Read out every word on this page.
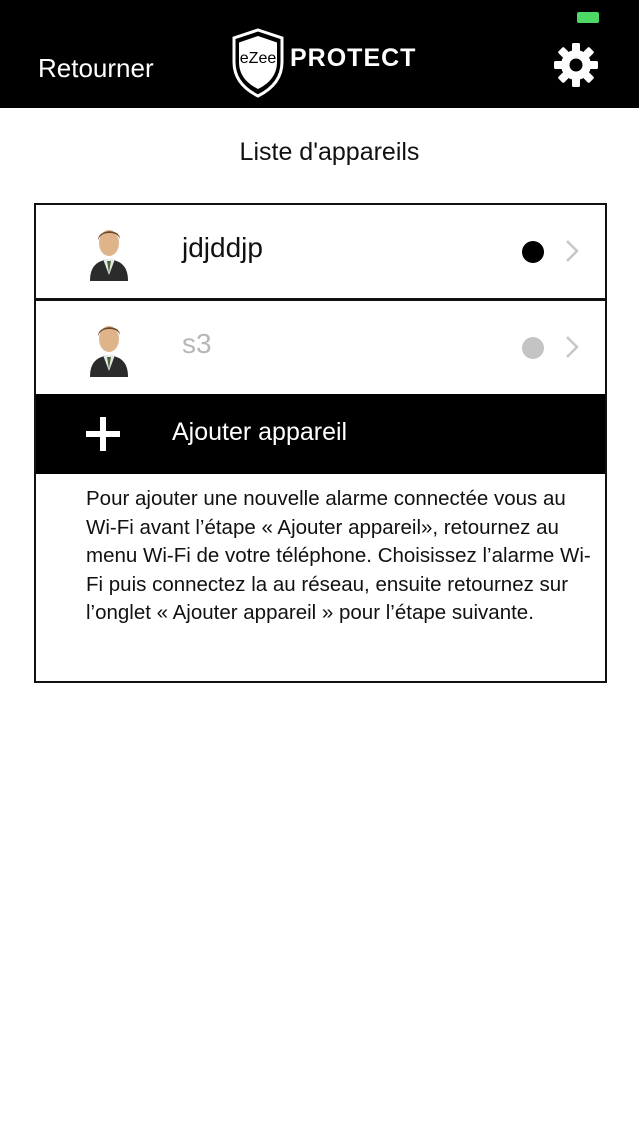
Retourner	eZee PROTECT
Liste d'appareils
jdjddjp
s3
Ajouter appareil
Pour ajouter une nouvelle alarme connectée vous au Wi-Fi avant l’étape « Ajouter appareil», retournez au menu Wi-Fi de votre téléphone. Choisissez l’alarme Wi-Fi puis connectez la au réseau, ensuite retournez sur l’onglet « Ajouter appareil » pour l’étape suivante.
